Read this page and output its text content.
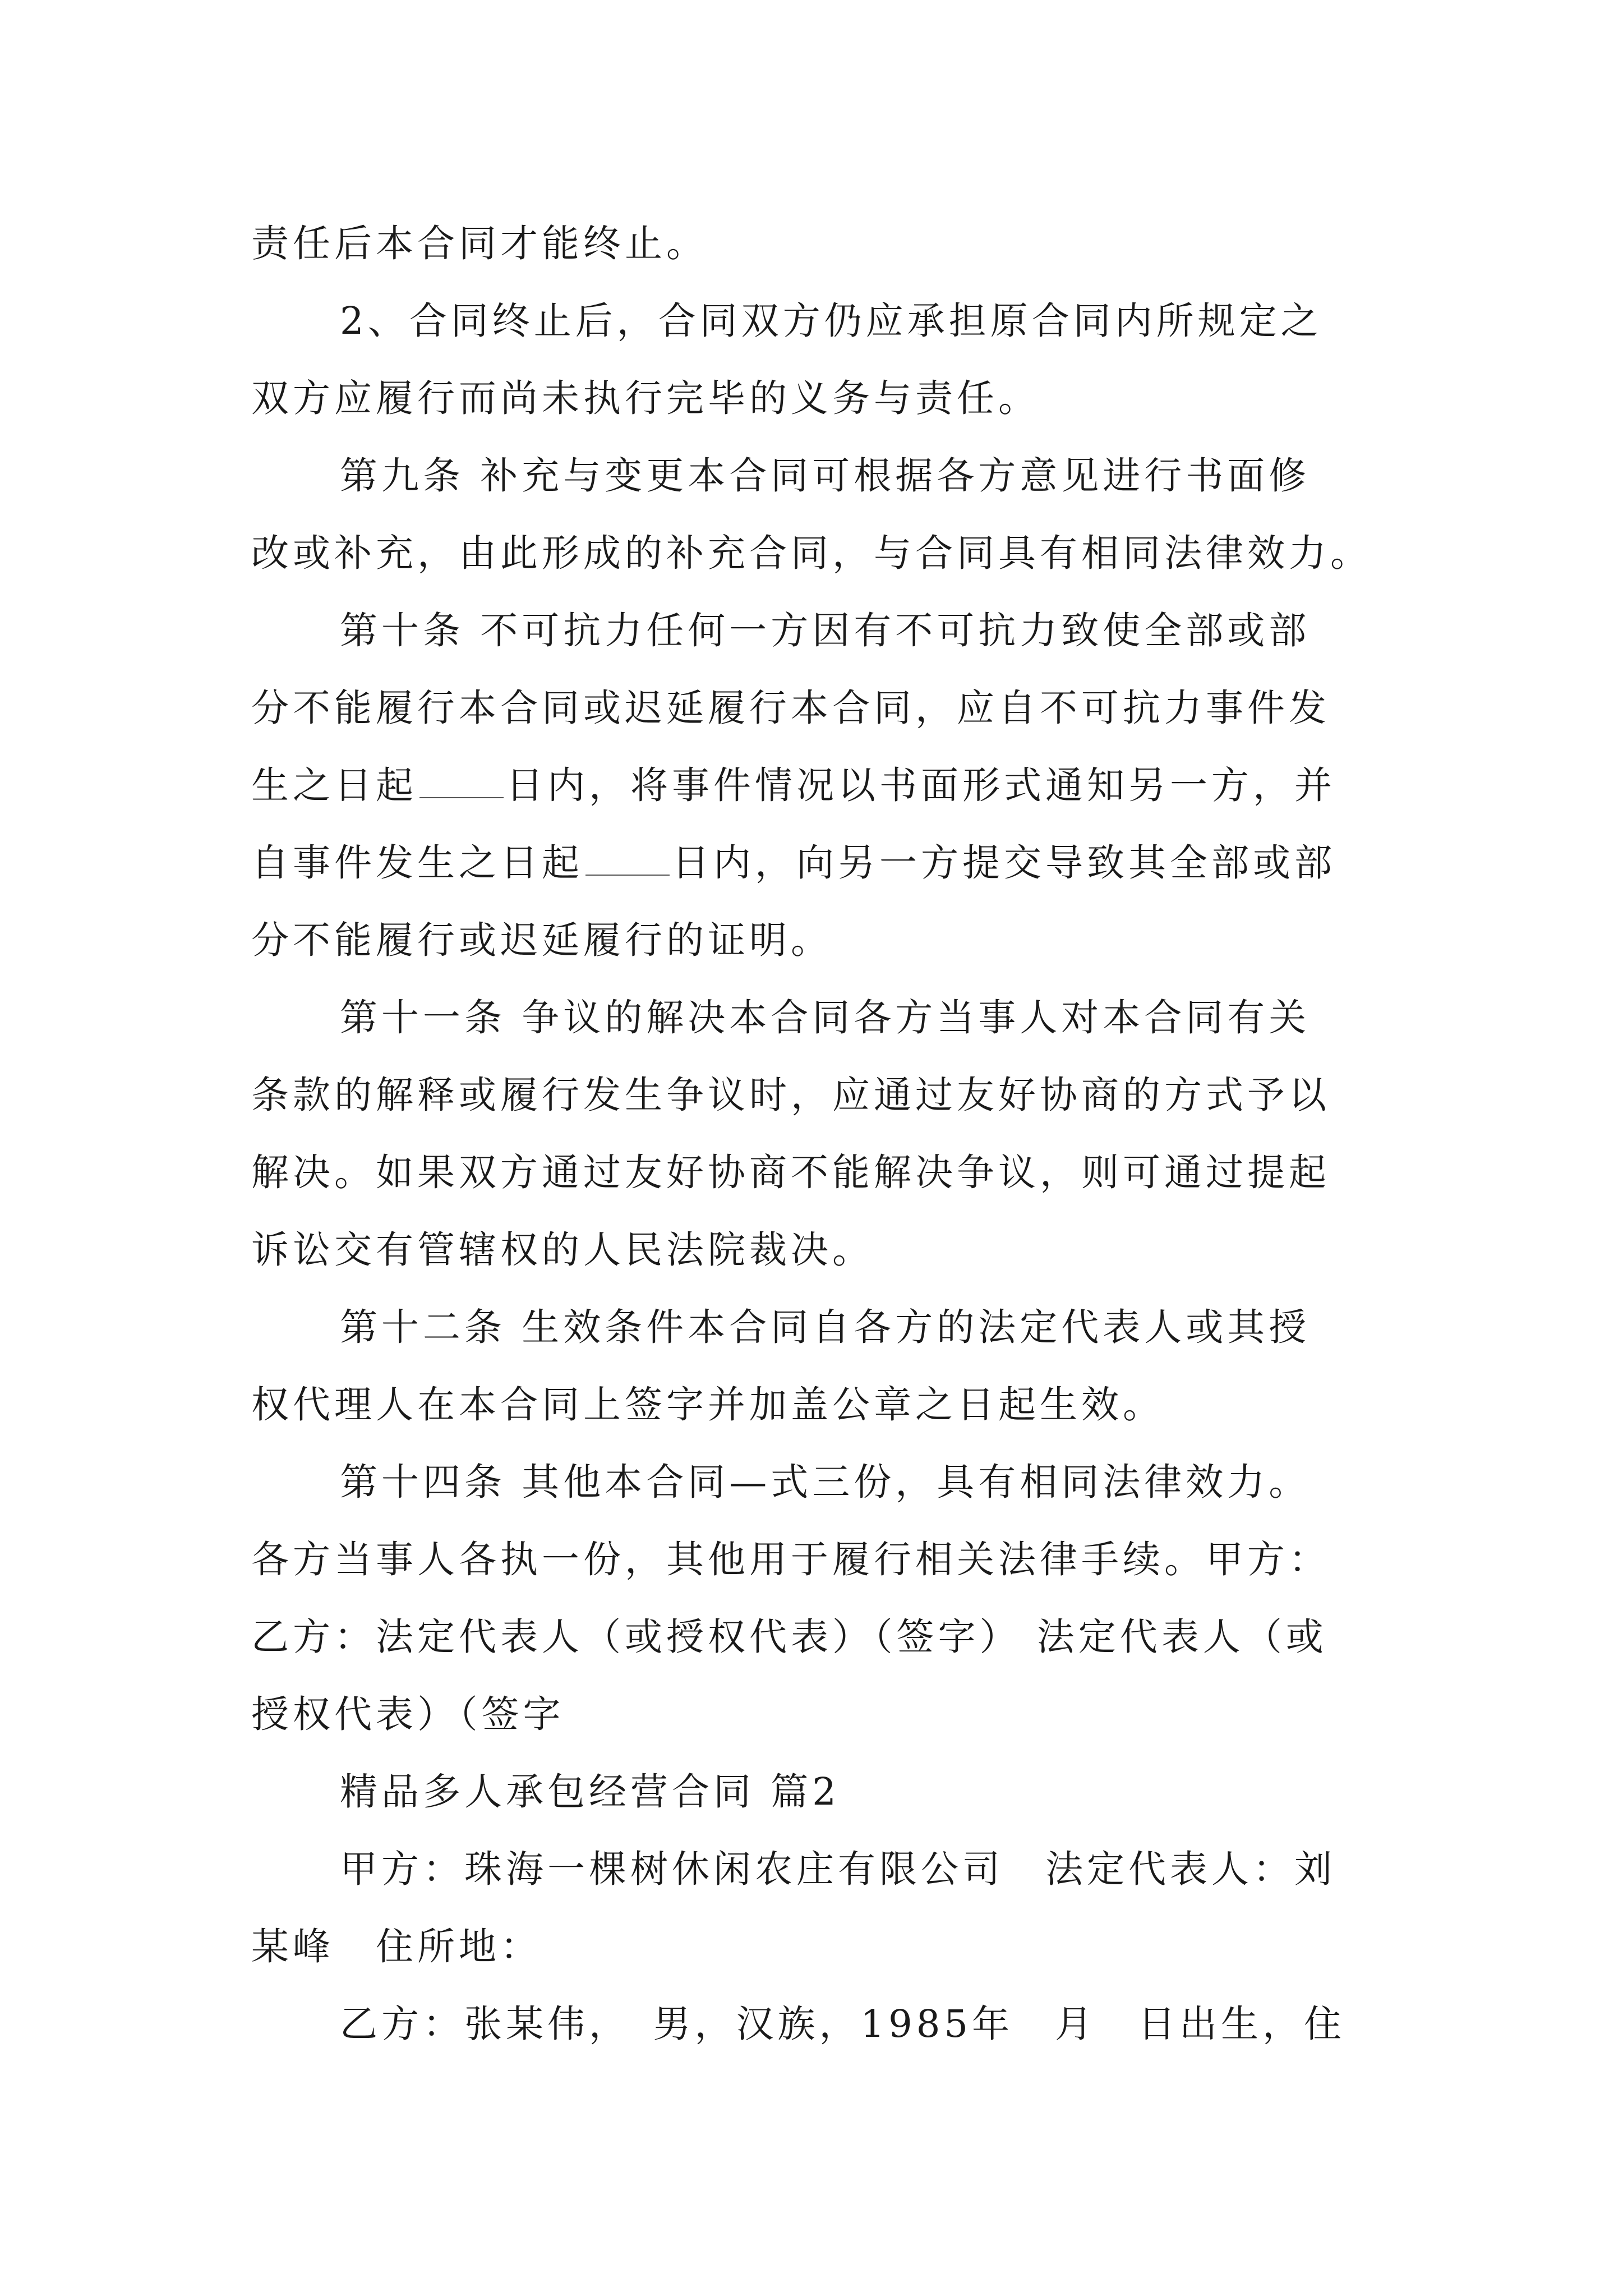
责任后本合同才能终止。
2、合同终止后，合同双方仍应承担原合同内所规定之
双方应履行而尚未执行完毕的义务与责任。
第九条 补充与变更本合同可根据各方意见进行书面修
改或补充，由此形成的补充合同，与合同具有相同法律效力。
第十条 不可抗力任何一方因有不可抗力致使全部或部
分不能履行本合同或迟延履行本合同，应自不可抗力事件发
生之日起 日内，将事件情况以书面形式通知另一方，并
自事件发生之日起 日内，向另一方提交导致其全部或部
分不能履行或迟延履行的证明。
第十一条 争议的解决本合同各方当事人对本合同有关
条款的解释或履行发生争议时，应通过友好协商的方式予以
解决。如果双方通过友好协商不能解决争议，则可通过提起
诉讼交有管辖权的人民法院裁决。
第十二条 生效条件本合同自各方的法定代表人或其授
权代理人在本合同上签字并加盖公章之日起生效。
第十四条 其他本合同—式三份，具有相同法律效力。
各方当事人各执一份，其他用于履行相关法律手续。甲方：
乙方：法定代表人（或授权代表）（签字） 法定代表人（或
授权代表）（签字
精品多人承包经营合同 篇2
甲方：珠海一棵树休闲农庄有限公司　法定代表人：刘
某峰　住所地：
乙方：张某伟，　男，汉族，1985年　月　日出生，住
